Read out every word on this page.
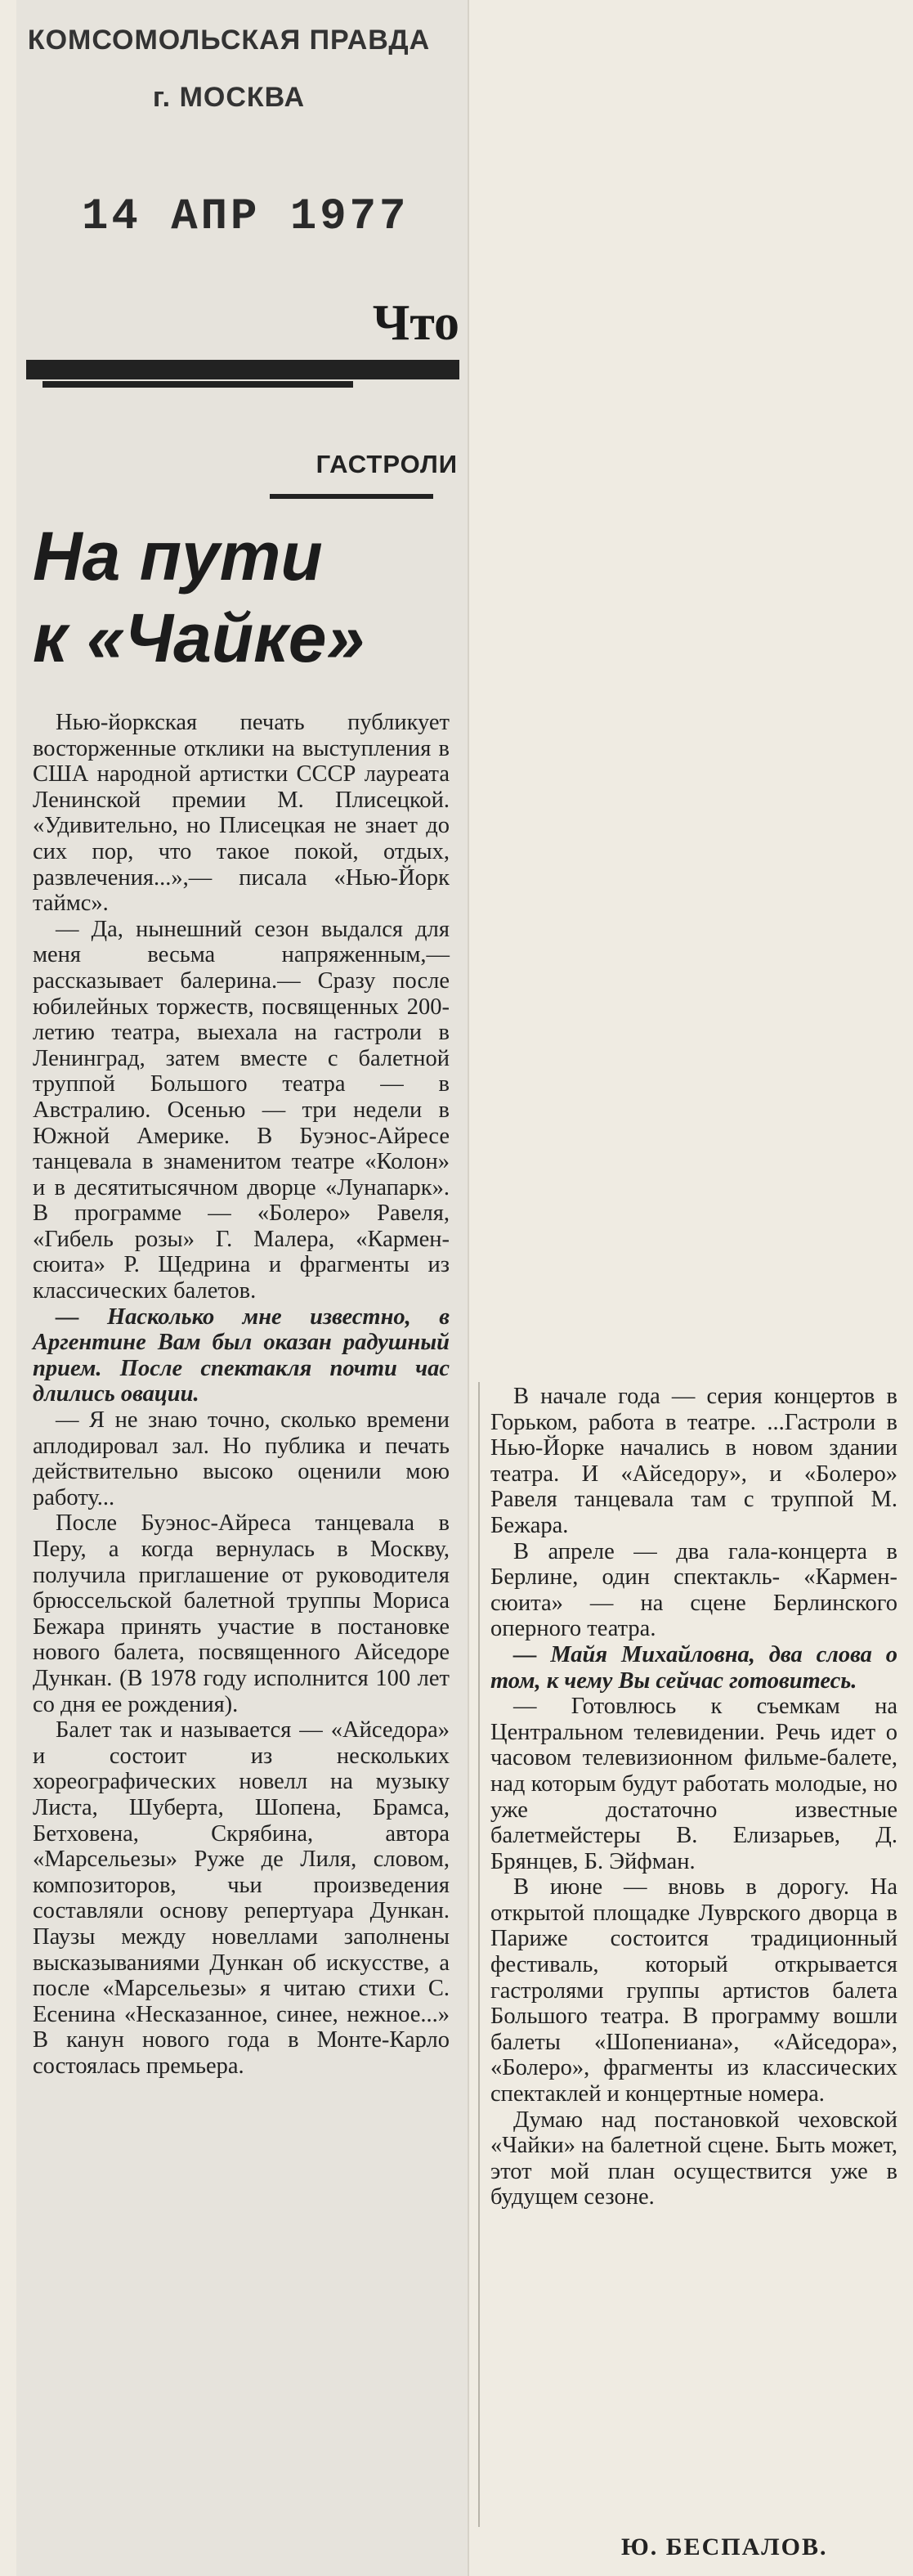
КОМСОМОЛЬСКАЯ ПРАВДА
г. МОСКВА
14 АПР 1977
Что
ГАСТРОЛИ
На пути
к «Чайке»

Нью-йоркская печать публикует восторженные отклики на выступления в США народной артистки СССР лауреата Ленинской премии М. Плисецкой. «Удивительно, но Плисецкая не знает до сих пор, что такое покой, отдых, развлечения...»,— писала «Нью-Йорк таймс».

— Да, нынешний сезон выдался для меня весьма напряженным,— рассказывает балерина.— Сразу после юбилейных торжеств, посвященных 200-летию театра, выехала на гастроли в Ленинград, затем вместе с балетной труппой Большого театра — в Австралию. Осенью — три недели в Южной Америке. В Буэнос-Айресе танцевала в знаменитом театре «Колон» и в десятитысячном дворце «Лунапарк». В программе — «Болеро» Равеля, «Гибель розы» Г. Малера, «Кармен-сюита» Р. Щедрина и фрагменты из классических балетов.

— Насколько мне известно, в Аргентине Вам был оказан радушный прием. После спектакля почти час длились овации.

— Я не знаю точно, сколько времени аплодировал зал. Но публика и печать действительно высоко оценили мою работу...

После Буэнос-Айреса танцевала в Перу, а когда вернулась в Москву, получила приглашение от руководителя брюссельской балетной труппы Мориса Бежара принять участие в постановке нового балета, посвященного Айседоре Дункан. (В 1978 году исполнится 100 лет со дня ее рождения).

Балет так и называется — «Айседора» и состоит из нескольких хореографических новелл на музыку Листа, Шуберта, Шопена, Брамса, Бетховена, Скрябина, автора «Марсельезы» Руже де Лиля, словом, композиторов, чьи произведения составляли основу репертуара Дункан. Паузы между новеллами заполнены высказываниями Дункан об искусстве, а после «Марсельезы» я читаю стихи С. Есенина «Несказанное, синее, нежное...» В канун нового года в Монте-Карло состоялась премьера.

В начале года — серия концертов в Горьком, работа в театре. ...Гастроли в Нью-Йорке начались в новом здании театра. И «Айседору», и «Болеро» Равеля танцевала там с труппой М. Бежара.

В апреле — два гала-концерта в Берлине, один спектакль- «Кармен-сюита» — на сцене Берлинского оперного театра.

— Майя Михайловна, два слова о том, к чему Вы сейчас готовитесь.

— Готовлюсь к съемкам на Центральном телевидении. Речь идет о часовом телевизионном фильме-балете, над которым будут работать молодые, но уже достаточно известные балетмейстеры В. Елизарьев, Д. Брянцев, Б. Эйфман.

В июне — вновь в дорогу. На открытой площадке Луврского дворца в Париже состоится традиционный фестиваль, который открывается гастролями группы артистов балета Большого театра. В программу вошли балеты «Шопениана», «Айседора», «Болеро», фрагменты из классических спектаклей и концертные номера.

Думаю над постановкой чеховской «Чайки» на балетной сцене. Быть может, этот мой план осуществится уже в будущем сезоне.

Ю. БЕСПАЛОВ.
